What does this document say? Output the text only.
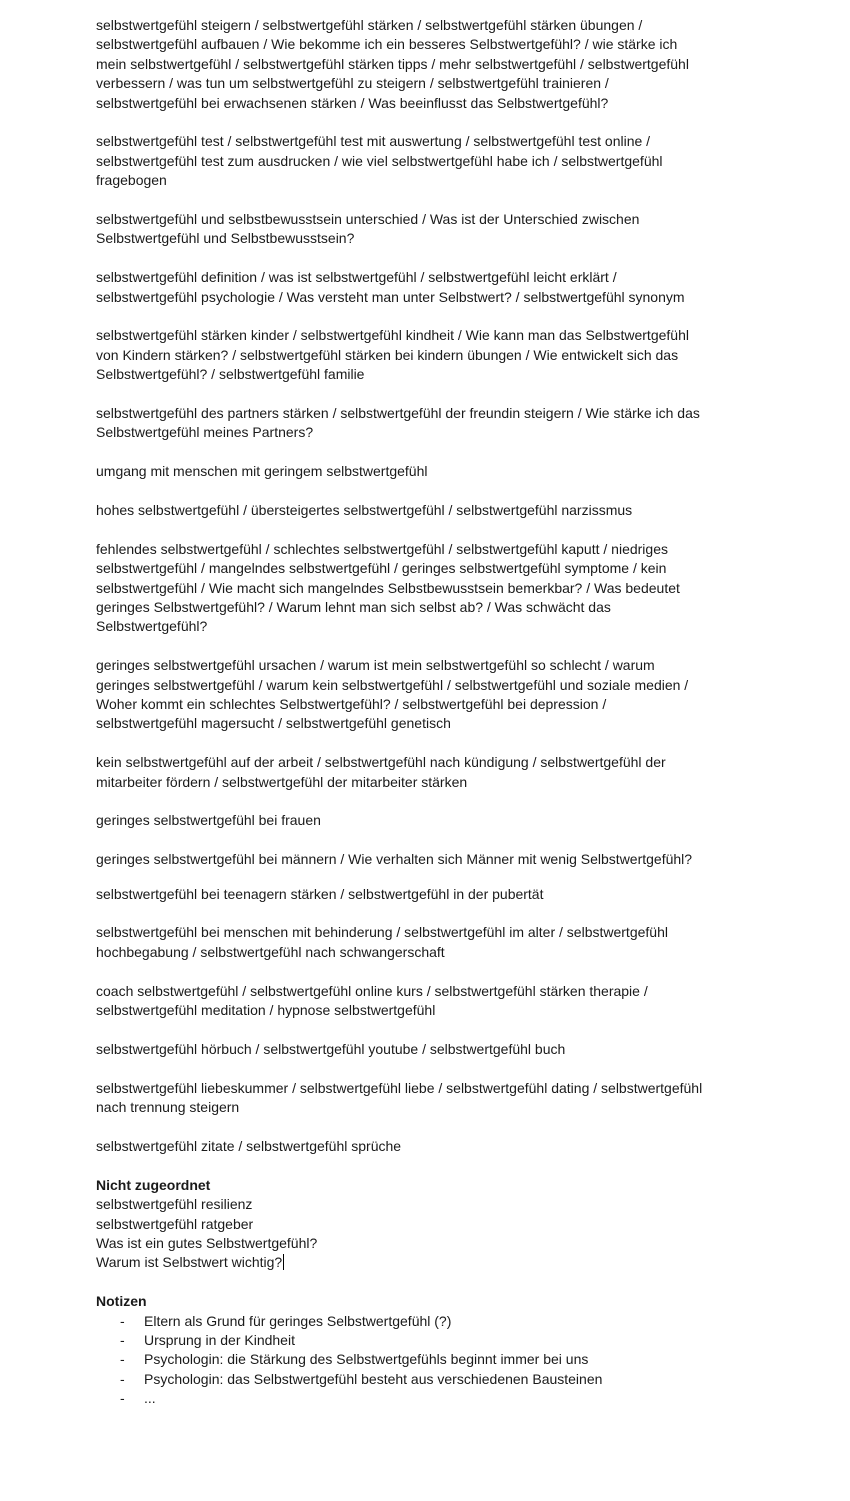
selbstwertgefühl steigern / selbstwertgefühl stärken / selbstwertgefühl stärken übungen / selbstwertgefühl aufbauen / Wie bekomme ich ein besseres Selbstwertgefühl? / wie stärke ich mein selbstwertgefühl / selbstwertgefühl stärken tipps / mehr selbstwertgefühl / selbstwertgefühl verbessern / was tun um selbstwertgefühl zu steigern / selbstwertgefühl trainieren / selbstwertgefühl bei erwachsenen stärken / Was beeinflusst das Selbstwertgefühl?

selbstwertgefühl test / selbstwertgefühl test mit auswertung / selbstwertgefühl test online / selbstwertgefühl test zum ausdrucken / wie viel selbstwertgefühl habe ich / selbstwertgefühl fragebogen

selbstwertgefühl und selbstbewusstsein unterschied / Was ist der Unterschied zwischen Selbstwertgefühl und Selbstbewusstsein?

selbstwertgefühl definition / was ist selbstwertgefühl / selbstwertgefühl leicht erklärt / selbstwertgefühl psychologie / Was versteht man unter Selbstwert? / selbstwertgefühl synonym

selbstwertgefühl stärken kinder / selbstwertgefühl kindheit / Wie kann man das Selbstwertgefühl von Kindern stärken? / selbstwertgefühl stärken bei kindern übungen / Wie entwickelt sich das Selbstwertgefühl? / selbstwertgefühl familie

selbstwertgefühl des partners stärken / selbstwertgefühl der freundin steigern / Wie stärke ich das Selbstwertgefühl meines Partners?

umgang mit menschen mit geringem selbstwertgefühl

hohes selbstwertgefühl / übersteigertes selbstwertgefühl / selbstwertgefühl narzissmus

fehlendes selbstwertgefühl / schlechtes selbstwertgefühl / selbstwertgefühl kaputt / niedriges selbstwertgefühl / mangelndes selbstwertgefühl / geringes selbstwertgefühl symptome / kein selbstwertgefühl / Wie macht sich mangelndes Selbstbewusstsein bemerkbar? / Was bedeutet geringes Selbstwertgefühl? / Warum lehnt man sich selbst ab? / Was schwächt das Selbstwertgefühl?

geringes selbstwertgefühl ursachen / warum ist mein selbstwertgefühl so schlecht / warum geringes selbstwertgefühl / warum kein selbstwertgefühl / selbstwertgefühl und soziale medien / Woher kommt ein schlechtes Selbstwertgefühl? / selbstwertgefühl bei depression / selbstwertgefühl magersucht / selbstwertgefühl genetisch

kein selbstwertgefühl auf der arbeit / selbstwertgefühl nach kündigung / selbstwertgefühl der mitarbeiter fördern / selbstwertgefühl der mitarbeiter stärken

geringes selbstwertgefühl bei frauen

geringes selbstwertgefühl bei männern / Wie verhalten sich Männer mit wenig Selbstwertgefühl?

selbstwertgefühl bei teenagern stärken / selbstwertgefühl in der pubertät

selbstwertgefühl bei menschen mit behinderung / selbstwertgefühl im alter / selbstwertgefühl hochbegabung / selbstwertgefühl nach schwangerschaft

coach selbstwertgefühl / selbstwertgefühl online kurs / selbstwertgefühl stärken therapie / selbstwertgefühl meditation / hypnose selbstwertgefühl

selbstwertgefühl hörbuch / selbstwertgefühl youtube / selbstwertgefühl buch

selbstwertgefühl liebeskummer / selbstwertgefühl liebe / selbstwertgefühl dating / selbstwertgefühl nach trennung steigern

selbstwertgefühl zitate / selbstwertgefühl sprüche

Nicht zugeordnet

selbstwertgefühl resilienz

selbstwertgefühl ratgeber

Was ist ein gutes Selbstwertgefühl?

Warum ist Selbstwert wichtig?

Notizen

- Eltern als Grund für geringes Selbstwertgefühl (?)
- Ursprung in der Kindheit
- Psychologin: die Stärkung des Selbstwertgefühls beginnt immer bei uns
- Psychologin: das Selbstwertgefühl besteht aus verschiedenen Bausteinen
- ...
